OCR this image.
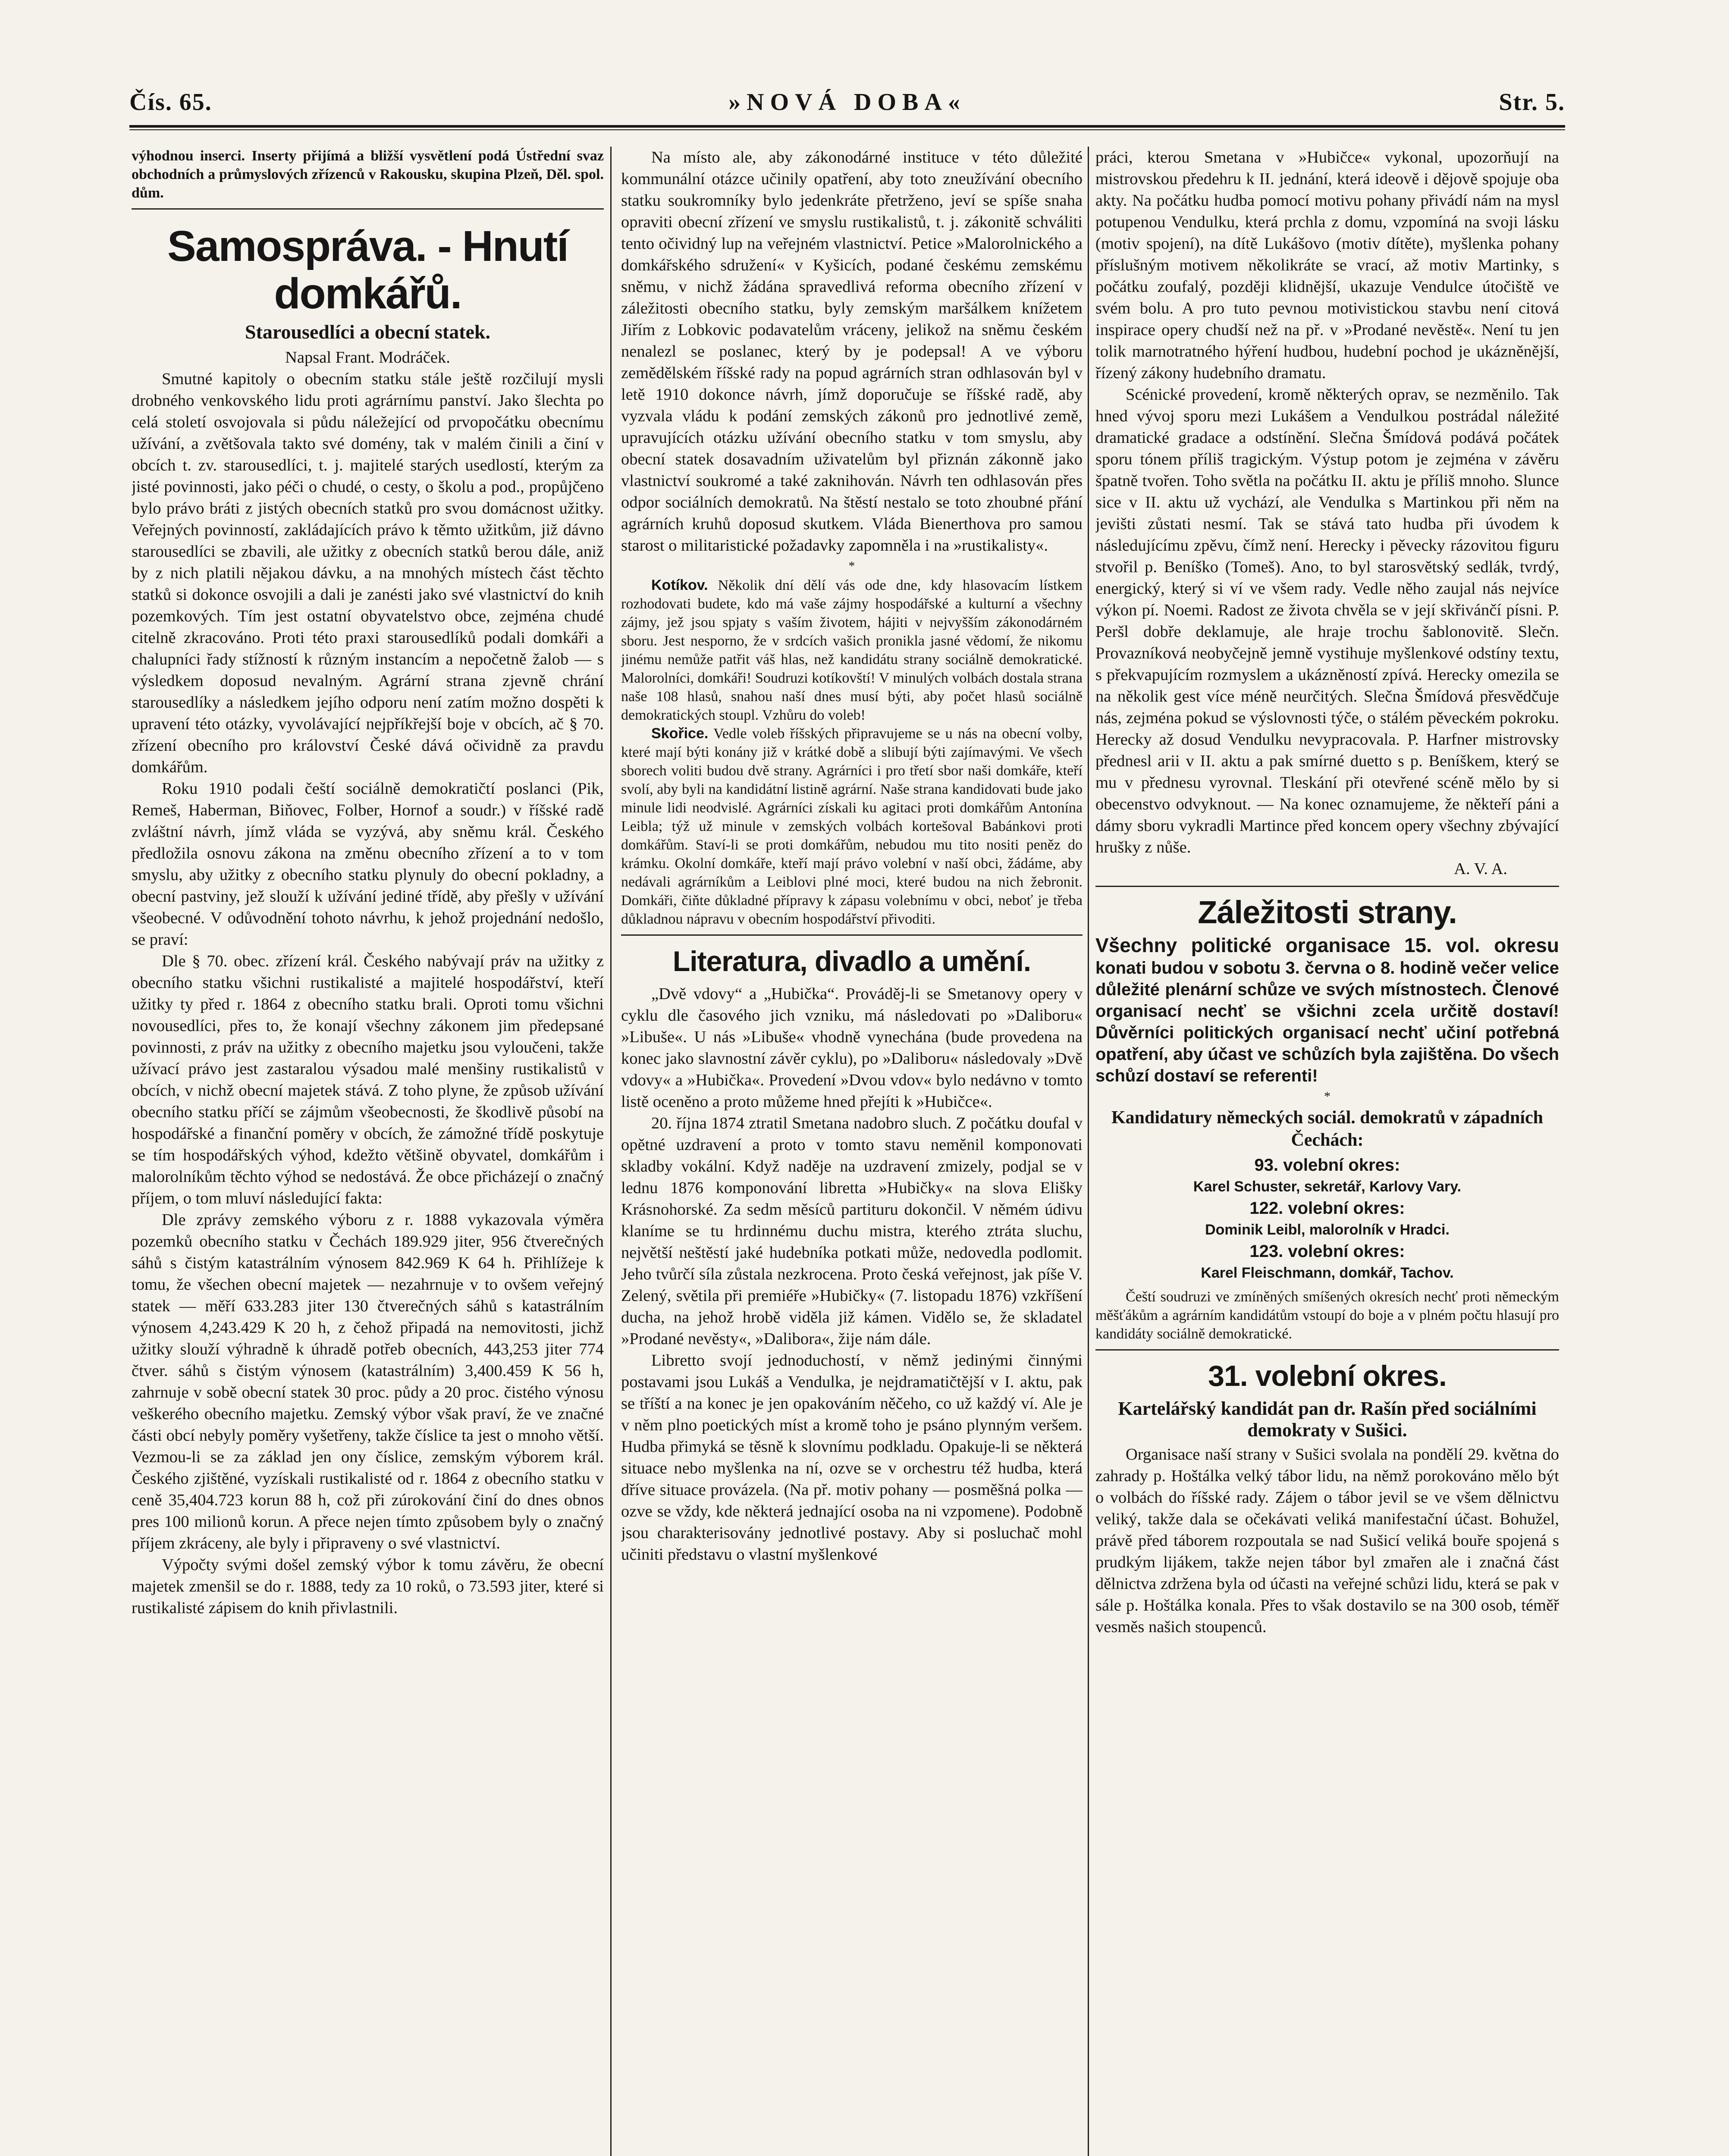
Čís. 65.	»NOVÁ DOBA«	Str. 5.

výhodnou inserci. Inserty přijímá a bližší vysvětlení podá Ústřední svaz obchodních a průmyslových zřízenců v Rakousku, skupina Plzeň, Děl. spol. dům.

Samospráva. - Hnutí domkářů.
Starousedlíci a obecní statek.

Napsal Frant. Modráček.

Smutné kapitoly o obecním statku stále ještě rozčilují mysli drobného venkovského lidu proti agrárnímu panství. Jako šlechta po celá století osvojovala si půdu náležející od prvopočátku obecnímu užívání, a zvětšovala takto své domény, tak v malém činili a činí v obcích t. zv. starousedlíci, t. j. majitelé starých usedlostí, kterým za jisté povinnosti, jako péči o chudé, o cesty, o školu a pod., propůjčeno bylo právo bráti z jistých obecních statků pro svou domácnost užitky. Veřejných povinností, zakládajících právo k těmto užitkům, již dávno starousedlíci se zbavili, ale užitky z obecních statků berou dále, aniž by z nich platili nějakou dávku, a na mnohých místech část těchto statků si dokonce osvojili a dali je zanésti jako své vlastnictví do knih pozemkových. Tím jest ostatní obyvatelstvo obce, zejména chudé citelně zkracováno. Proti této praxi starousedlíků podali domkáři a chalupníci řady stížností k různým instancím a nepočetně žalob — s výsledkem doposud nevalným. Agrární strana zjevně chrání starousedlíky a následkem jejího odporu není zatím možno dospěti k upravení této otázky, vyvolávající nejpříkřejší boje v obcích, ač § 70. zřízení obecního pro království České dává očividně za pravdu domkářům.

Roku 1910 podali čeští sociálně demokratičtí poslanci (Pik, Remeš, Haberman, Biňovec, Folber, Hornof a soudr.) v říšské radě zvláštní návrh, jímž vláda se vyzývá, aby sněmu král. Českého předložila osnovu zákona na změnu obecního zřízení a to v tom smyslu, aby užitky z obecního statku plynuly do obecní pokladny, a obecní pastviny, jež slouží k užívání jediné třídě, aby přešly v užívání všeobecné. V odůvodnění tohoto návrhu, k jehož projednání nedošlo, se praví:

Dle § 70. obec. zřízení král. Českého nabývají práv na užitky z obecního statku všichni rustikalisté a majitelé hospodářství, kteří užitky ty před r. 1864 z obecního statku brali. Oproti tomu všichni novousedlíci, přes to, že konají všechny zákonem jim předepsané povinnosti, z práv na užitky z obecního majetku jsou vyloučeni, takže užívací právo jest zastaralou výsadou malé menšiny rustikalistů v obcích, v nichž obecní majetek stává. Z toho plyne, že způsob užívání obecního statku příčí se zájmům všeobecnosti, že škodlivě působí na hospodářské a finanční poměry v obcích, že zámožné třídě poskytuje se tím hospodářských výhod, kdežto většině obyvatel, domkářům i malorolníkům těchto výhod se nedostává. Že obce přicházejí o značný příjem, o tom mluví následující fakta:

Dle zprávy zemského výboru z r. 1888 vykazovala výměra pozemků obecního statku v Čechách 189.929 jiter, 956 čtverečných sáhů s čistým katastrálním výnosem 842.969 K 64 h. Přihlížeje k tomu, že všechen obecní majetek — nezahrnuje v to ovšem veřejný statek — měří 633.283 jiter 130 čtverečných sáhů s katastrálním výnosem 4,243.429 K 20 h, z čehož připadá na nemovitosti, jichž užitky slouží výhradně k úhradě potřeb obecních, 443,253 jiter 774 čtver. sáhů s čistým výnosem (katastrálním) 3,400.459 K 56 h, zahrnuje v sobě obecní statek 30 proc. půdy a 20 proc. čistého výnosu veškerého obecního majetku. Zemský výbor však praví, že ve značné části obcí nebyly poměry vyšetřeny, takže číslice ta jest o mnoho větší. Vezmou-li se za základ jen ony číslice, zemským výborem král. Českého zjištěné, vyzískali rustikalisté od r. 1864 z obecního statku v ceně 35,404.723 korun 88 h, což při zúrokování činí do dnes obnos pres 100 milionů korun. A přece nejen tímto způsobem byly o značný příjem zkráceny, ale byly i připraveny o své vlastnictví.

Výpočty svými došel zemský výbor k tomu závěru, že obecní majetek zmenšil se do r. 1888, tedy za 10 roků, o 73.593 jiter, které si rustikalisté zápisem do knih přivlastnili.

Na místo ale, aby zákonodárné instituce v této důležité kommunální otázce učinily opatření, aby toto zneužívání obecního statku soukromníky bylo jedenkráte přetrženo, jeví se spíše snaha opraviti obecní zřízení ve smyslu rustikalistů, t. j. zákonitě schváliti tento očividný lup na veřejném vlastnictví. Petice »Malorolnického a domkářského sdružení« v Kyšicích, podané českému zemskému sněmu, v nichž žádána spravedlivá reforma obecního zřízení v záležitosti obecního statku, byly zemským maršálkem knížetem Jiřím z Lobkovic podavatelům vráceny, jelikož na sněmu českém nenalezl se poslanec, který by je podepsal! A ve výboru zemědělském říšské rady na popud agrárních stran odhlasován byl v letě 1910 dokonce návrh, jímž doporučuje se říšské radě, aby vyzvala vládu k podání zemských zákonů pro jednotlivé země, upravujících otázku užívání obecního statku v tom smyslu, aby obecní statek dosavadním uživatelům byl přiznán zákonně jako vlastnictví soukromé a také zaknihován. Návrh ten odhlasován přes odpor sociálních demokratů. Na štěstí nestalo se toto zhoubné přání agrárních kruhů doposud skutkem. Vláda Bienerthova pro samou starost o militaristické požadavky zapomněla i na »rustikalisty«.

*

Kotíkov. Několik dní dělí vás ode dne, kdy hlasovacím lístkem rozhodovati budete, kdo má vaše zájmy hospodářské a kulturní a všechny zájmy, jež jsou spjaty s vaším životem, hájiti v nejvyšším zákonodárném sboru. Jest nesporno, že v srdcích vašich pronikla jasné vědomí, že nikomu jinému nemůže patřit váš hlas, než kandidátu strany sociálně demokratické. Malorolníci, domkáři! Soudruzi kotíkovští! V minulých volbách dostala strana naše 108 hlasů, snahou naší dnes musí býti, aby počet hlasů sociálně demokratických stoupl. Vzhůru do voleb!

Skořice. Vedle voleb říšských připravujeme se u nás na obecní volby, které mají býti konány již v krátké době a slibují býti zajímavými. Ve všech sborech voliti budou dvě strany. Agrárníci i pro třetí sbor naši domkáře, kteří svolí, aby byli na kandidátní listině agrární. Naše strana kandidovati bude jako minule lidi neodvislé. Agrárníci získali ku agitaci proti domkářům Antonína Leibla; týž už minule v zemských volbách kortešoval Babánkovi proti domkářům. Staví-li se proti domkářům, nebudou mu tito nositi peněz do krámku. Okolní domkáře, kteří mají právo volební v naší obci, žádáme, aby nedávali agrárníkům a Leiblovi plné moci, které budou na nich žebronit. Domkáři, čiňte důkladné přípravy k zápasu volebnímu v obci, neboť je třeba důkladnou nápravu v obecním hospodářství přivoditi.

Literatura, divadlo a umění.

„Dvě vdovy“ a „Hubička“. Prováděj-li se Smetanovy opery v cyklu dle časového jich vzniku, má následovati po »Daliboru« »Libuše«. U nás »Libuše« vhodně vynechána (bude provedena na konec jako slavnostní závěr cyklu), po »Daliboru« následovaly »Dvě vdovy« a »Hubička«. Provedení »Dvou vdov« bylo nedávno v tomto listě oceněno a proto můžeme hned přejíti k »Hubičce«.

20. října 1874 ztratil Smetana nadobro sluch. Z počátku doufal v opětné uzdravení a proto v tomto stavu neměnil komponovati skladby vokální. Když naděje na uzdravení zmizely, podjal se v lednu 1876 komponování libretta »Hubičky« na slova Elišky Krásnohorské. Za sedm měsíců partituru dokončil. V němém údivu klaníme se tu hrdinnému duchu mistra, kterého ztráta sluchu, největší neštěstí jaké hudebníka potkati může, nedovedla podlomit. Jeho tvůrčí síla zůstala nezkrocena. Proto česká veřejnost, jak píše V. Zelený, světila při premiéře »Hubičky« (7. listopadu 1876) vzkříšení ducha, na jehož hrobě viděla již kámen. Vidělo se, že skladatel »Prodané nevěsty«, »Dalibora«, žije nám dále.

Libretto svojí jednoduchostí, v němž jedinými činnými postavami jsou Lukáš a Vendulka, je nejdramatičtější v I. aktu, pak se tříští a na konec je jen opakováním něčeho, co už každý ví. Ale je v něm plno poetických míst a kromě toho je psáno plynným veršem. Hudba přimyká se těsně k slovnímu podkladu. Opakuje-li se některá situace nebo myšlenka na ní, ozve se v orchestru též hudba, která dříve situace provázela. (Na př. motiv pohany — posměšná polka — ozve se vždy, kde některá jednající osoba na ni vzpomene). Podobně jsou charakterisovány jednotlivé postavy. Aby si posluchač mohl učiniti představu o vlastní myšlenkové

práci, kterou Smetana v »Hubičce« vykonal, upozorňují na mistrovskou předehru k II. jednání, která ideově i dějově spojuje oba akty. Na počátku hudba pomocí motivu pohany přivádí nám na mysl potupenou Vendulku, která prchla z domu, vzpomíná na svoji lásku (motiv spojení), na dítě Lukášovo (motiv dítěte), myšlenka pohany příslušným motivem několikráte se vrací, až motiv Martinky, s počátku zoufalý, později klidnější, ukazuje Vendulce útočiště ve svém bolu. A pro tuto pevnou motivistickou stavbu není citová inspirace opery chudší než na př. v »Prodané nevěstě«. Není tu jen tolik marnotratného hýření hudbou, hudební pochod je ukázněnější, řízený zákony hudebního dramatu.

Scénické provedení, kromě některých oprav, se nezměnilo. Tak hned vývoj sporu mezi Lukášem a Vendulkou postrádal náležité dramatické gradace a odstínění. Slečna Šmídová podává počátek sporu tónem příliš tragickým. Výstup potom je zejména v závěru špatně tvořen. Toho světla na počátku II. aktu je příliš mnoho. Slunce sice v II. aktu už vychází, ale Vendulka s Martinkou při něm na jevišti zůstati nesmí. Tak se stává tato hudba při úvodem k následujícímu zpěvu, čímž není. Herecky i pěvecky rázovitou figuru stvořil p. Beníško (Tomeš). Ano, to byl starosvětský sedlák, tvrdý, energický, který si ví ve všem rady. Vedle něho zaujal nás nejvíce výkon pí. Noemi. Radost ze života chvěla se v její skřivánčí písni. P. Peršl dobře deklamuje, ale hraje trochu šablonovitě. Slečn. Provazníková neobyčejně jemně vystihuje myšlenkové odstíny textu, s překvapujícím rozmyslem a ukázněností zpívá. Herecky omezila se na několik gest více méně neurčitých. Slečna Šmídová přesvědčuje nás, zejména pokud se výslovnosti týče, o stálém pěveckém pokroku. Herecky až dosud Vendulku nevypracovala. P. Harfner mistrovsky přednesl arii v II. aktu a pak smírné duetto s p. Beníškem, který se mu v přednesu vyrovnal. Tleskání při otevřené scéně mělo by si obecenstvo odvyknout. — Na konec oznamujeme, že někteří páni a dámy sboru vykradli Martince před koncem opery všechny zbývající hrušky z nůše.

A. V. A.

Záležitosti strany.

Všechny politické organisace 15. vol. okresu konati budou v sobotu 3. června o 8. hodině večer velice důležité plenární schůze ve svých místnostech. Členové organisací nechť se všichni zcela určitě dostaví! Důvěrníci politických organisací nechť učiní potřebná opatření, aby účast ve schůzích byla zajištěna. Do všech schůzí dostaví se referenti!

*
Kandidatury německých sociál. demokratů v západních Čechách:
93. volební okres:
Karel Schuster, sekretář, Karlovy Vary.
122. volební okres:
Dominik Leibl, malorolník v Hradci.
123. volební okres:
Karel Fleischmann, domkář, Tachov.

Čeští soudruzi ve zmíněných smíšených okresích nechť proti německým měšťákům a agrárním kandidátům vstoupí do boje a v plném počtu hlasují pro kandidáty sociálně demokratické.

31. volební okres.
Kartelářský kandidát pan dr. Rašín před sociálními demokraty v Sušici.

Organisace naší strany v Sušici svolala na pondělí 29. května do zahrady p. Hoštálka velký tábor lidu, na němž porokováno mělo být o volbách do říšské rady. Zájem o tábor jevil se ve všem dělnictvu veliký, takže dala se očekávati veliká manifestační účast. Bohužel, právě před táborem rozpoutala se nad Sušicí veliká bouře spojená s prudkým lijákem, takže nejen tábor byl zmařen ale i značná část dělnictva zdržena byla od účasti na veřejné schůzi lidu, která se pak v sále p. Hoštálka konala. Přes to však dostavilo se na 300 osob, téměř vesměs našich stoupenců.
